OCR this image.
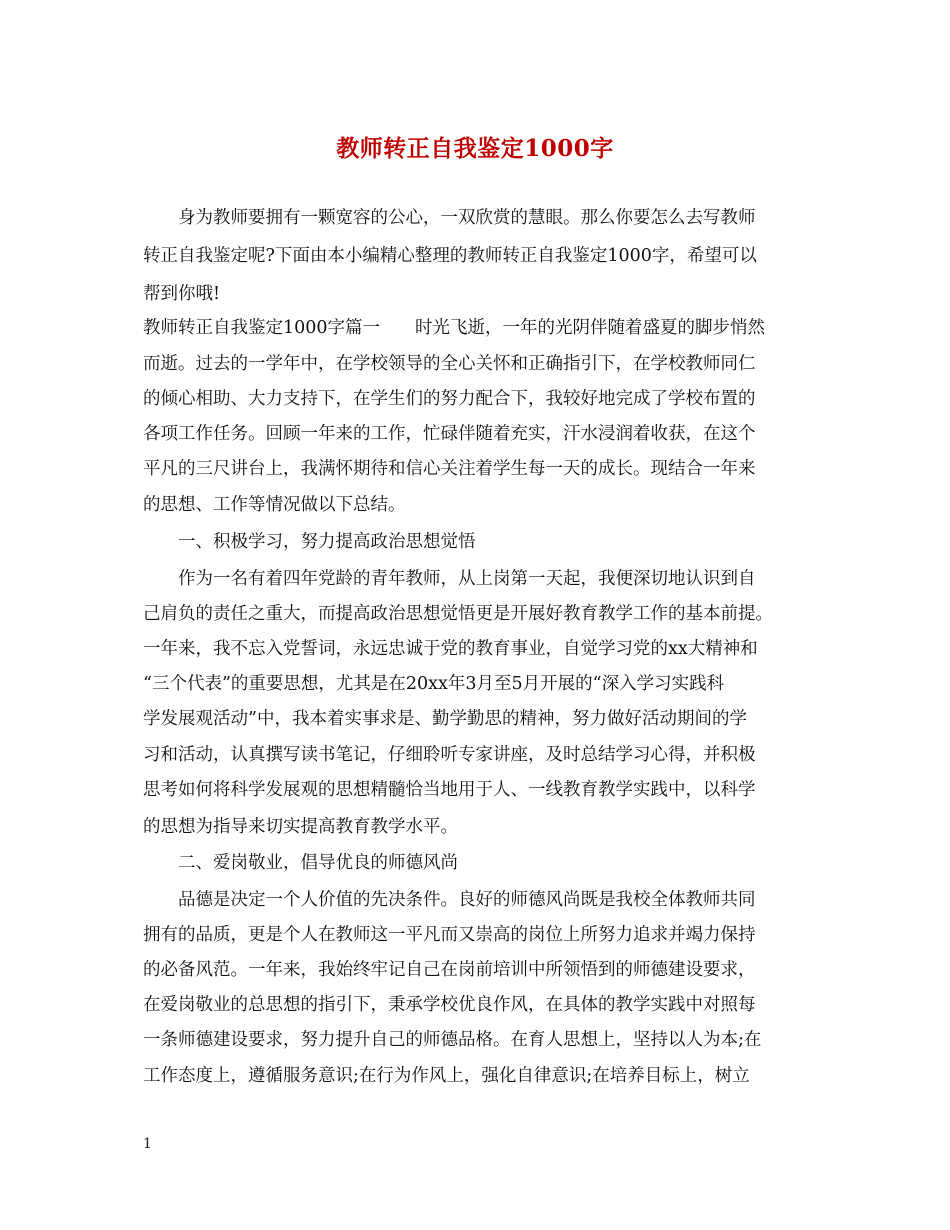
教师转正自我鉴定1000字
　　身为教师要拥有一颗宽容的公心，一双欣赏的慧眼。那么你要怎么去写教师
转正自我鉴定呢?下面由本小编精心整理的教师转正自我鉴定1000字，希望可以
帮到你哦!
教师转正自我鉴定1000字篇一　　时光飞逝，一年的光阴伴随着盛夏的脚步悄然
而逝。过去的一学年中，在学校领导的全心关怀和正确指引下，在学校教师同仁
的倾心相助、大力支持下，在学生们的努力配合下，我较好地完成了学校布置的
各项工作任务。回顾一年来的工作，忙碌伴随着充实，汗水浸润着收获，在这个
平凡的三尺讲台上，我满怀期待和信心关注着学生每一天的成长。现结合一年来
的思想、工作等情况做以下总结。
　　一、积极学习，努力提高政治思想觉悟
　　作为一名有着四年党龄的青年教师，从上岗第一天起，我便深切地认识到自
己肩负的责任之重大，而提高政治思想觉悟更是开展好教育教学工作的基本前提。
一年来，我不忘入党誓词，永远忠诚于党的教育事业，自觉学习党的xx大精神和
“三个代表”的重要思想，尤其是在20xx年3月至5月开展的“深入学习实践科
学发展观活动”中，我本着实事求是、勤学勤思的精神，努力做好活动期间的学
习和活动，认真撰写读书笔记，仔细聆听专家讲座，及时总结学习心得，并积极
思考如何将科学发展观的思想精髓恰当地用于人、一线教育教学实践中，以科学
的思想为指导来切实提高教育教学水平。
　　二、爱岗敬业，倡导优良的师德风尚
　　品德是决定一个人价值的先决条件。良好的师德风尚既是我校全体教师共同
拥有的品质，更是个人在教师这一平凡而又崇高的岗位上所努力追求并竭力保持
的必备风范。一年来，我始终牢记自己在岗前培训中所领悟到的师德建设要求，
在爱岗敬业的总思想的指引下，秉承学校优良作风，在具体的教学实践中对照每
一条师德建设要求，努力提升自己的师德品格。在育人思想上，坚持以人为本;在
工作态度上，遵循服务意识;在行为作风上，强化自律意识;在培养目标上，树立
1
